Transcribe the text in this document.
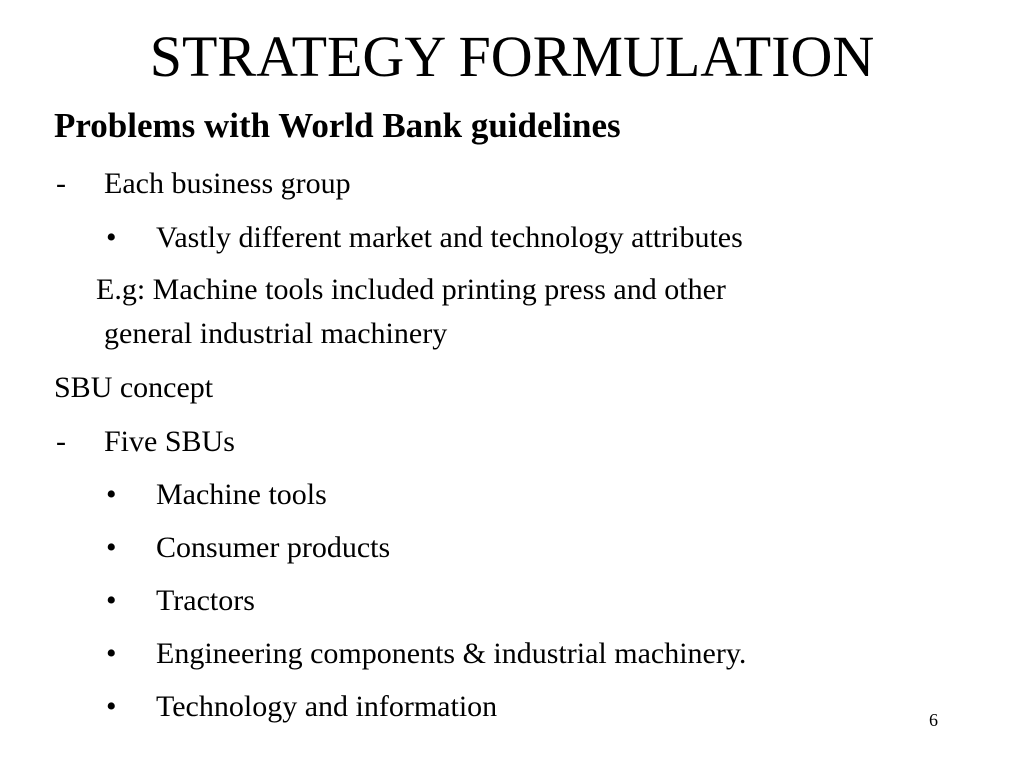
STRATEGY FORMULATION
Problems with World Bank guidelines
- Each business group
• Vastly different market and technology attributes
E.g: Machine tools included printing press and other
general industrial machinery
SBU concept
- Five SBUs
• Machine tools
• Consumer products
• Tractors
• Engineering components & industrial machinery.
• Technology and information	6
